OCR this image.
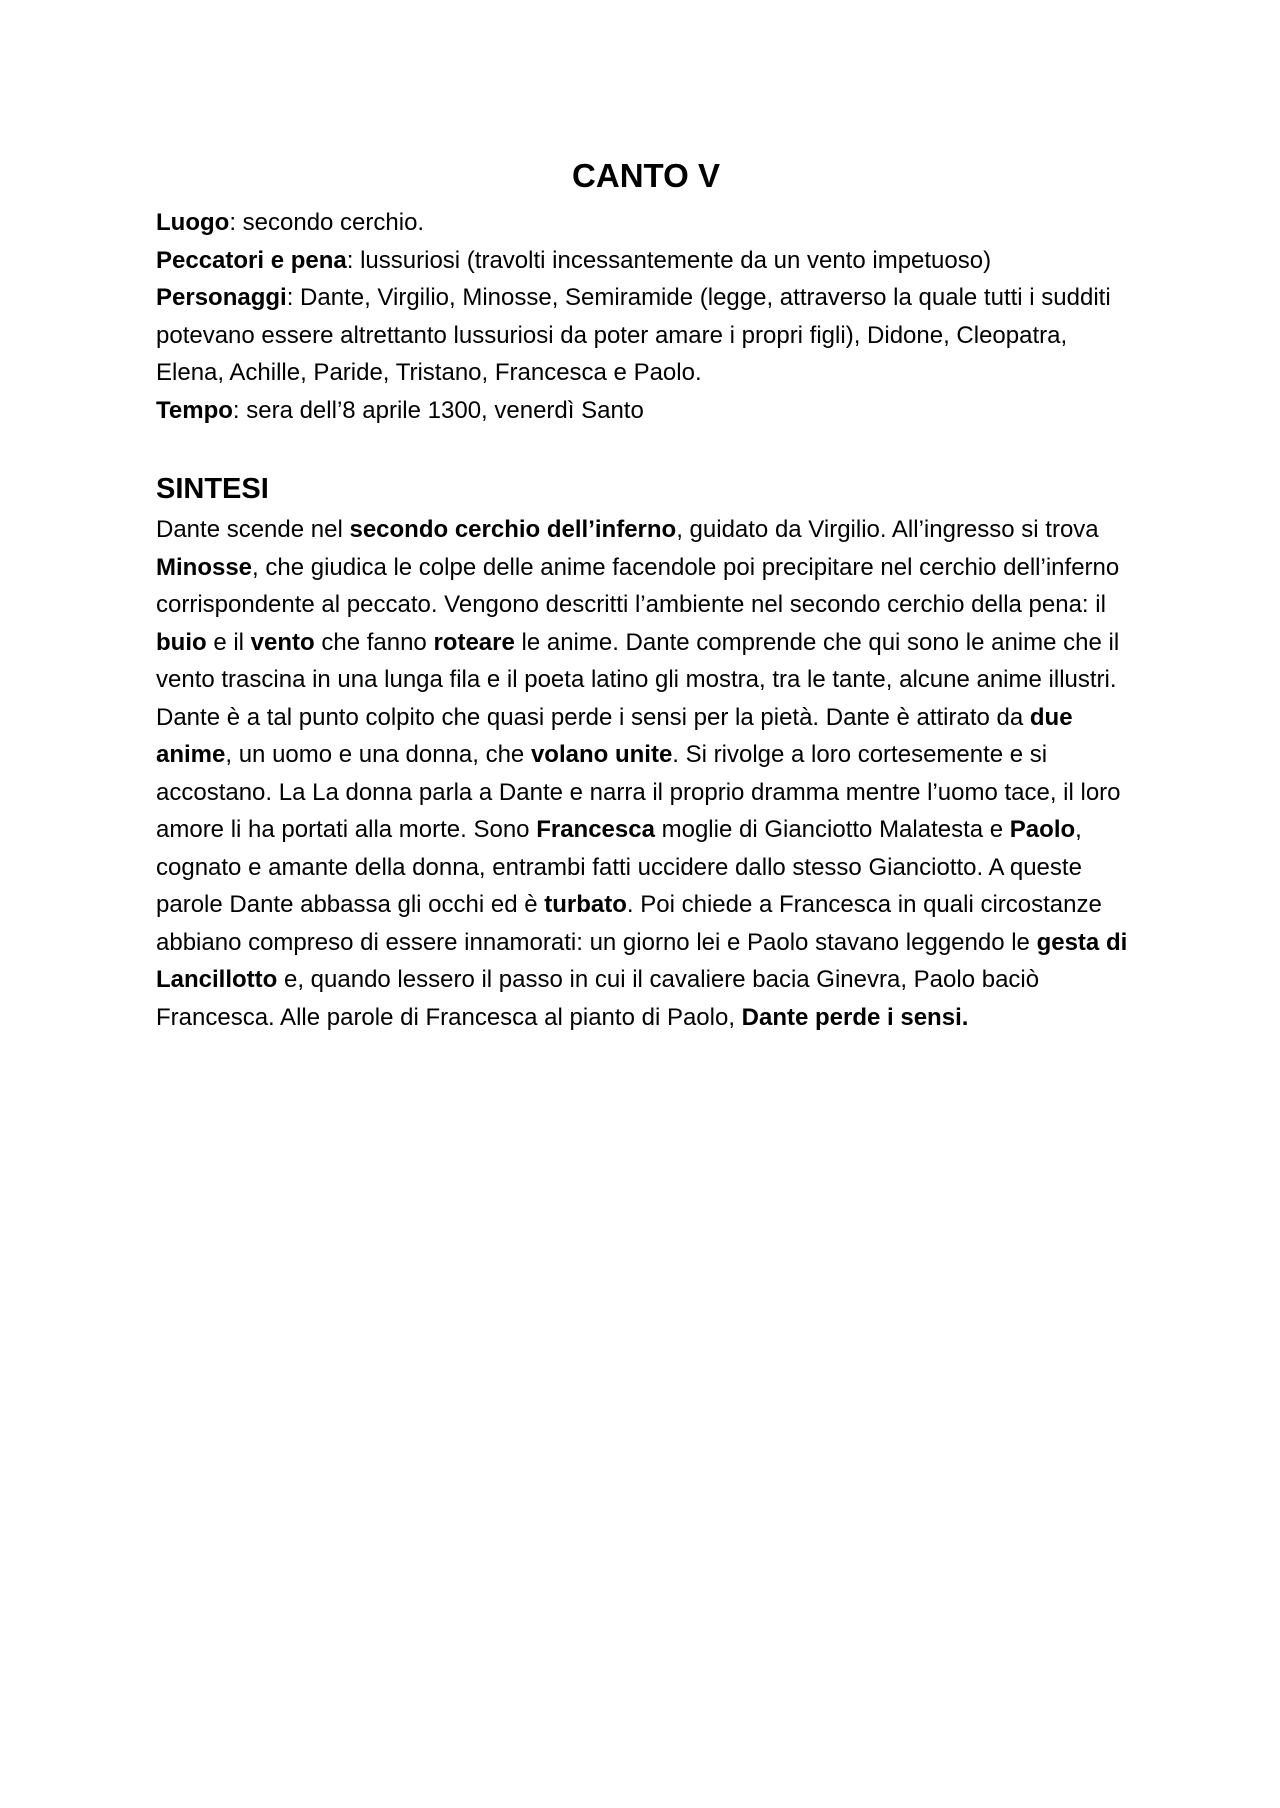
CANTO V

Luogo: secondo cerchio.

Peccatori e pena: lussuriosi (travolti incessantemente da un vento impetuoso)

Personaggi: Dante, Virgilio, Minosse, Semiramide (legge, attraverso la quale tutti i sudditi potevano essere altrettanto lussuriosi da poter amare i propri figli), Didone, Cleopatra, Elena, Achille, Paride, Tristano, Francesca e Paolo.

Tempo: sera dell’8 aprile 1300, venerdì Santo

SINTESI

Dante scende nel secondo cerchio dell’inferno, guidato da Virgilio. All’ingresso si trova Minosse, che giudica le colpe delle anime facendole poi precipitare nel cerchio dell’inferno corrispondente al peccato. Vengono descritti l’ambiente nel secondo cerchio della pena: il buio e il vento che fanno roteare le anime. Dante comprende che qui sono le anime che il vento trascina in una lunga fila e il poeta latino gli mostra, tra le tante, alcune anime illustri. Dante è a tal punto colpito che quasi perde i sensi per la pietà. Dante è attirato da due anime, un uomo e una donna, che volano unite. Si rivolge a loro cortesemente e si accostano. La La donna parla a Dante e narra il proprio dramma mentre l’uomo tace, il loro amore li ha portati alla morte. Sono Francesca moglie di Gianciotto Malatesta e Paolo, cognato e amante della donna, entrambi fatti uccidere dallo stesso Gianciotto. A queste parole Dante abbassa gli occhi ed è turbato. Poi chiede a Francesca in quali circostanze abbiano compreso di essere innamorati: un giorno lei e Paolo stavano leggendo le gesta di Lancillotto e, quando lessero il passo in cui il cavaliere bacia Ginevra, Paolo baciò Francesca. Alle parole di Francesca al pianto di Paolo, Dante perde i sensi.
